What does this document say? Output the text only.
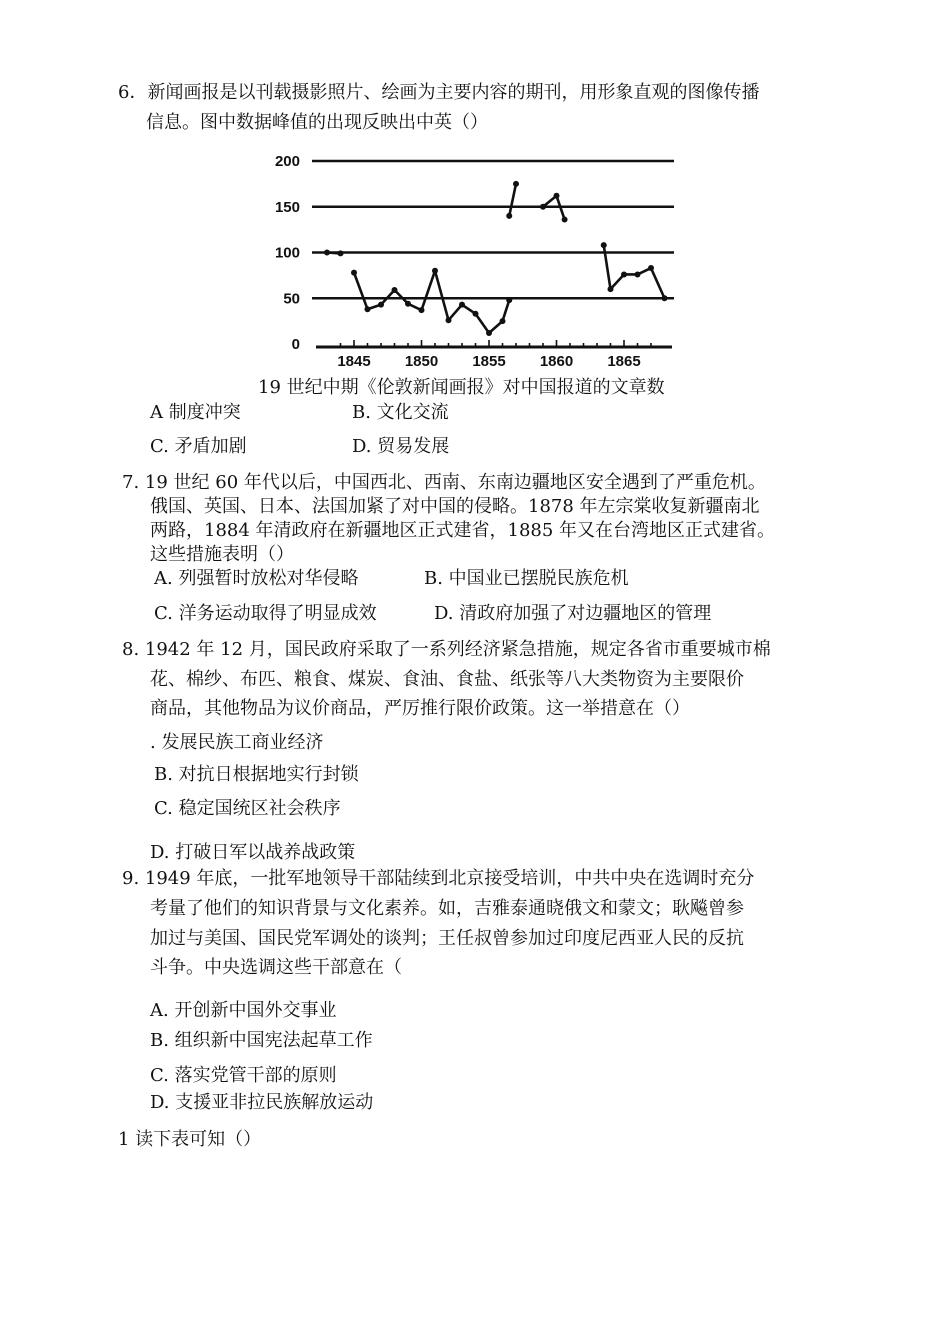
6．新闻画报是以刊载摄影照片、绘画为主要内容的期刊，用形象直观的图像传播
信息。图中数据峰值的出现反映出中英（）
0
50
100
150
200
1845 1850 1855 1860 1865
19 世纪中期《伦敦新闻画报》对中国报道的文章数
A 制度冲突	B. 文化交流
C. 矛盾加剧	D. 贸易发展
7. 19 世纪 60 年代以后，中国西北、西南、东南边疆地区安全遇到了严重危机。
俄国、英国、日本、法国加紧了对中国的侵略。1878 年左宗棠收复新疆南北
两路，1884 年清政府在新疆地区正式建省，1885 年又在台湾地区正式建省。
这些措施表明（）
A. 列强暂时放松对华侵略	B. 中国业已摆脱民族危机
C. 洋务运动取得了明显成效	D. 清政府加强了对边疆地区的管理
8. 1942 年 12 月，国民政府采取了一系列经济紧急措施，规定各省市重要城市棉
花、棉纱、布匹、粮食、煤炭、食油、食盐、纸张等八大类物资为主要限价
商品，其他物品为议价商品，严厉推行限价政策。这一举措意在（）
. 发展民族工商业经济
B. 对抗日根据地实行封锁
C. 稳定国统区社会秩序
D. 打破日军以战养战政策
9. 1949 年底，一批军地领导干部陆续到北京接受培训，中共中央在选调时充分
考量了他们的知识背景与文化素养。如，吉雅泰通晓俄文和蒙文；耿飚曾参
加过与美国、国民党军调处的谈判；王任叔曾参加过印度尼西亚人民的反抗
斗争。中央选调这些干部意在（
A. 开创新中国外交事业
B. 组织新中国宪法起草工作
C. 落实党管干部的原则
D. 支援亚非拉民族解放运动
1 读下表可知（）
